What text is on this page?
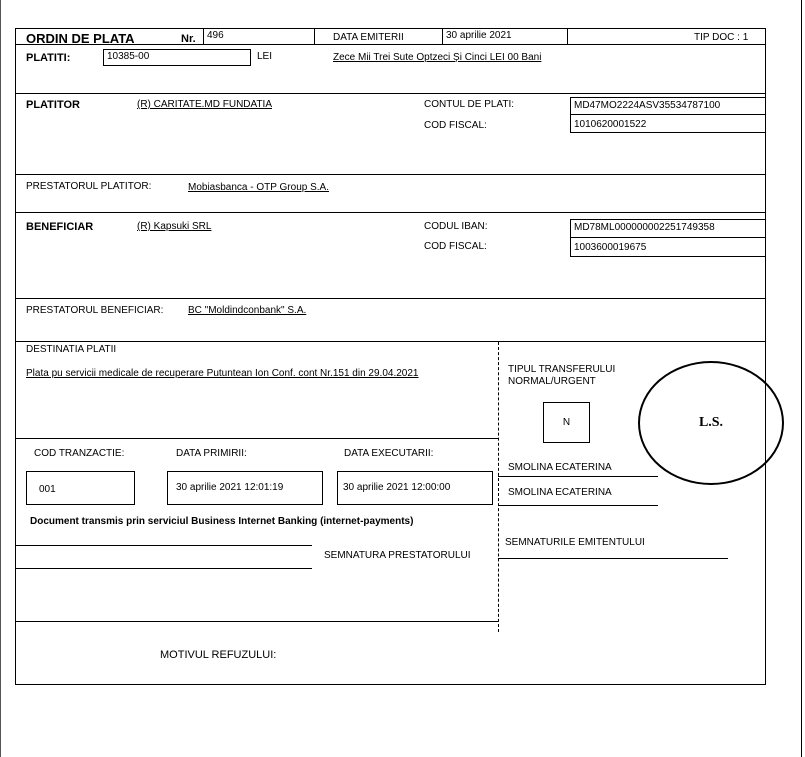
ORDIN DE PLATA	Nr.	496	DATA EMITERII	30 aprilie 2021	TIP DOC : 1
PLATITI:	10385-00	LEI	Zece Mii Trei Sute Optzeci Și Cinci LEI 00 Bani
PLATITOR	(R) CARITATE.MD FUNDATIA	CONTUL DE PLATI:	MD47MO2224ASV35534787100
COD FISCAL:	1010620001522
PRESTATORUL PLATITOR:	Mobiasbanca - OTP Group S.A.
BENEFICIAR	(R) Kapsuki SRL	CODUL IBAN:	MD78ML000000002251749358
COD FISCAL:	1003600019675
PRESTATORUL BENEFICIAR: BC "Moldindconbank" S.A.
DESTINATIA PLATII
Plata pu servicii medicale de recuperare Putuntean Ion Conf. cont Nr.151 din 29.04.2021	TIPUL TRANSFERULUI
NORMAL/URGENT
N	L.S.
COD TRANZACTIE:	DATA PRIMIRII:	DATA EXECUTARII:
001	30 aprilie 2021 12:01:19	30 aprilie 2021 12:00:00
SMOLINA ECATERINA
SMOLINA ECATERINA
Document transmis prin serviciul Business Internet Banking (internet-payments)
SEMNATURA PRESTATORULUI
SEMNATURILE EMITENTULUI
MOTIVUL REFUZULUI:
